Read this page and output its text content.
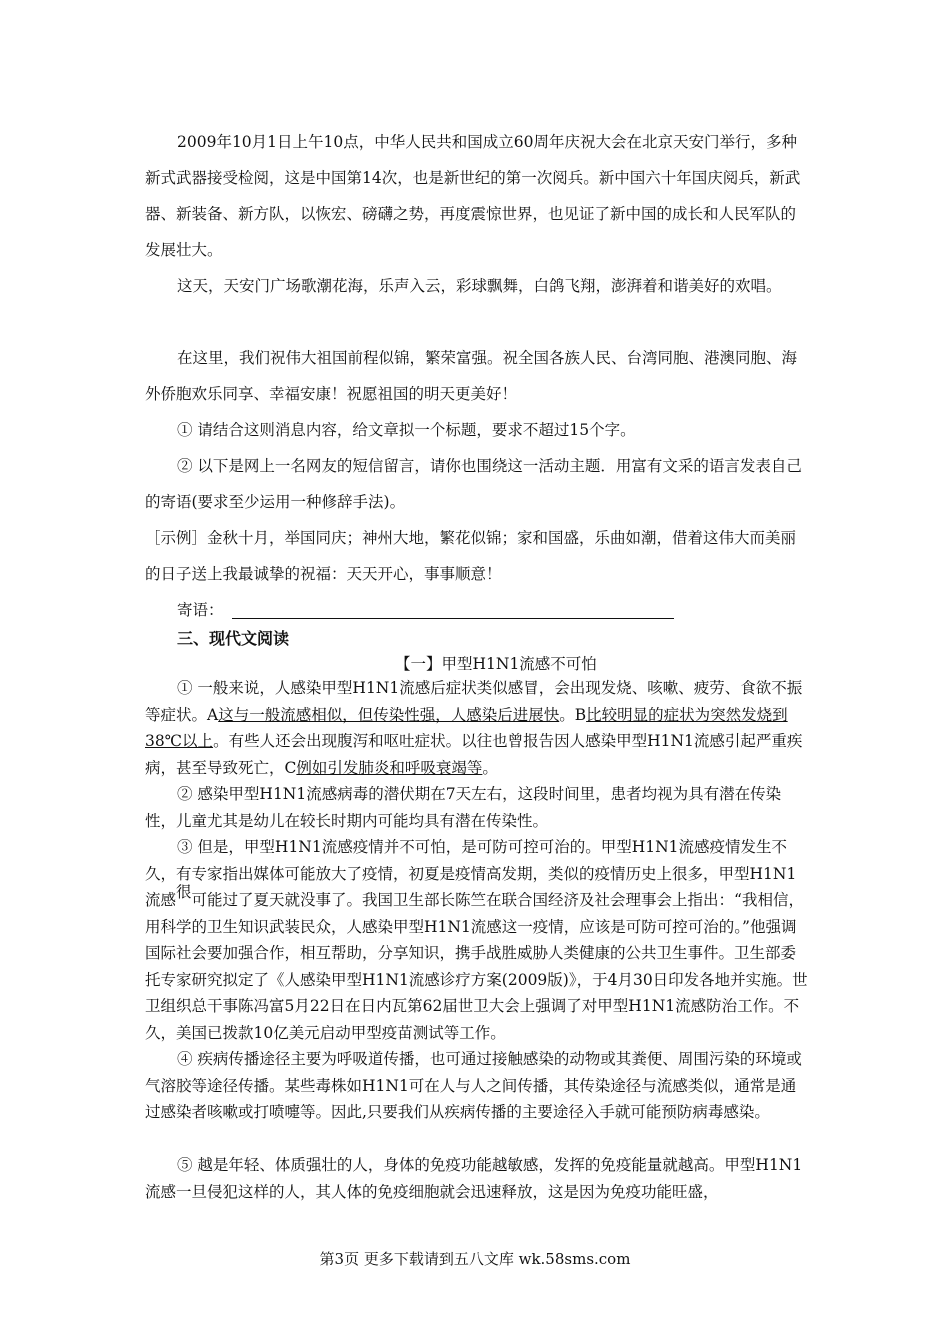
2009年10月1日上午10点，中华人民共和国成立60周年庆祝大会在北京天安门举行，多种新式武器接受检阅，这是中国第14次，也是新世纪的第一次阅兵。新中国六十年国庆阅兵，新武器、新装备、新方队，以恢宏、磅礴之势，再度震惊世界，也见证了新中国的成长和人民军队的发展壮大。

这天，天安门广场歌潮花海，乐声入云，彩球飘舞，白鸽飞翔，澎湃着和谐美好的欢唱。

在这里，我们祝伟大祖国前程似锦，繁荣富强。祝全国各族人民、台湾同胞、港澳同胞、海外侨胞欢乐同享、幸福安康！祝愿祖国的明天更美好！

① 请结合这则消息内容，给文章拟一个标题，要求不超过15个字。

② 以下是网上一名网友的短信留言，请你也围绕这一活动主题．用富有文采的语言发表自己的寄语(要求至少运用一种修辞手法)。

［示例］金秋十月，举国同庆；神州大地，繁花似锦；家和国盛，乐曲如潮，借着这伟大而美丽的日子送上我最诚挚的祝福：天天开心，事事顺意！

寄语：
三、现代文阅读
【一】甲型H1N1流感不可怕

① 一般来说，人感染甲型H1N1流感后症状类似感冒，会出现发烧、咳嗽、疲劳、食欲不振等症状。A这与一般流感相似，但传染性强，人感染后进展快。B比较明显的症状为突然发烧到38℃以上。有些人还会出现腹泻和呕吐症状。以往也曾报告因人感染甲型H1N1流感引起严重疾病，甚至导致死亡，C例如引发肺炎和呼吸衰竭等。

② 感染甲型H1N1流感病毒的潜伏期在7天左右，这段时间里，患者均视为具有潜在传染性，儿童尤其是幼儿在较长时期内可能均具有潜在传染性。

③ 但是，甲型H1N1流感疫情并不可怕，是可防可控可治的。甲型H1N1流感疫情发生不久，有专家指出媒体可能放大了疫情，初夏是疫情高发期，类似的疫情历史上很多，甲型H1N1流感很可能过了夏天就没事了。我国卫生部长陈竺在联合国经济及社会理事会上指出：“我相信，用科学的卫生知识武装民众，人感染甲型H1N1流感这一疫情，应该是可防可控可治的。”他强调国际社会要加强合作，相互帮助，分享知识，携手战胜威胁人类健康的公共卫生事件。卫生部委托专家研究拟定了《人感染甲型H1N1流感诊疗方案(2009版)》，于4月30日印发各地并实施。世卫组织总干事陈冯富5月22日在日内瓦第62届世卫大会上强调了对甲型H1N1流感防治工作。不久，美国已拨款10亿美元启动甲型疫苗测试等工作。

④ 疾病传播途径主要为呼吸道传播，也可通过接触感染的动物或其粪便、周围污染的环境或气溶胶等途径传播。某些毒株如H1N1可在人与人之间传播，其传染途径与流感类似，通常是通过感染者咳嗽或打喷嚏等。因此,只要我们从疾病传播的主要途径入手就可能预防病毒感染。

⑤ 越是年轻、体质强壮的人，身体的免疫功能越敏感，发挥的免疫能量就越高。甲型H1N1流感一旦侵犯这样的人，其人体的免疫细胞就会迅速释放，这是因为免疫功能旺盛，

第3页 更多下载请到五八文库 wk.58sms.com
